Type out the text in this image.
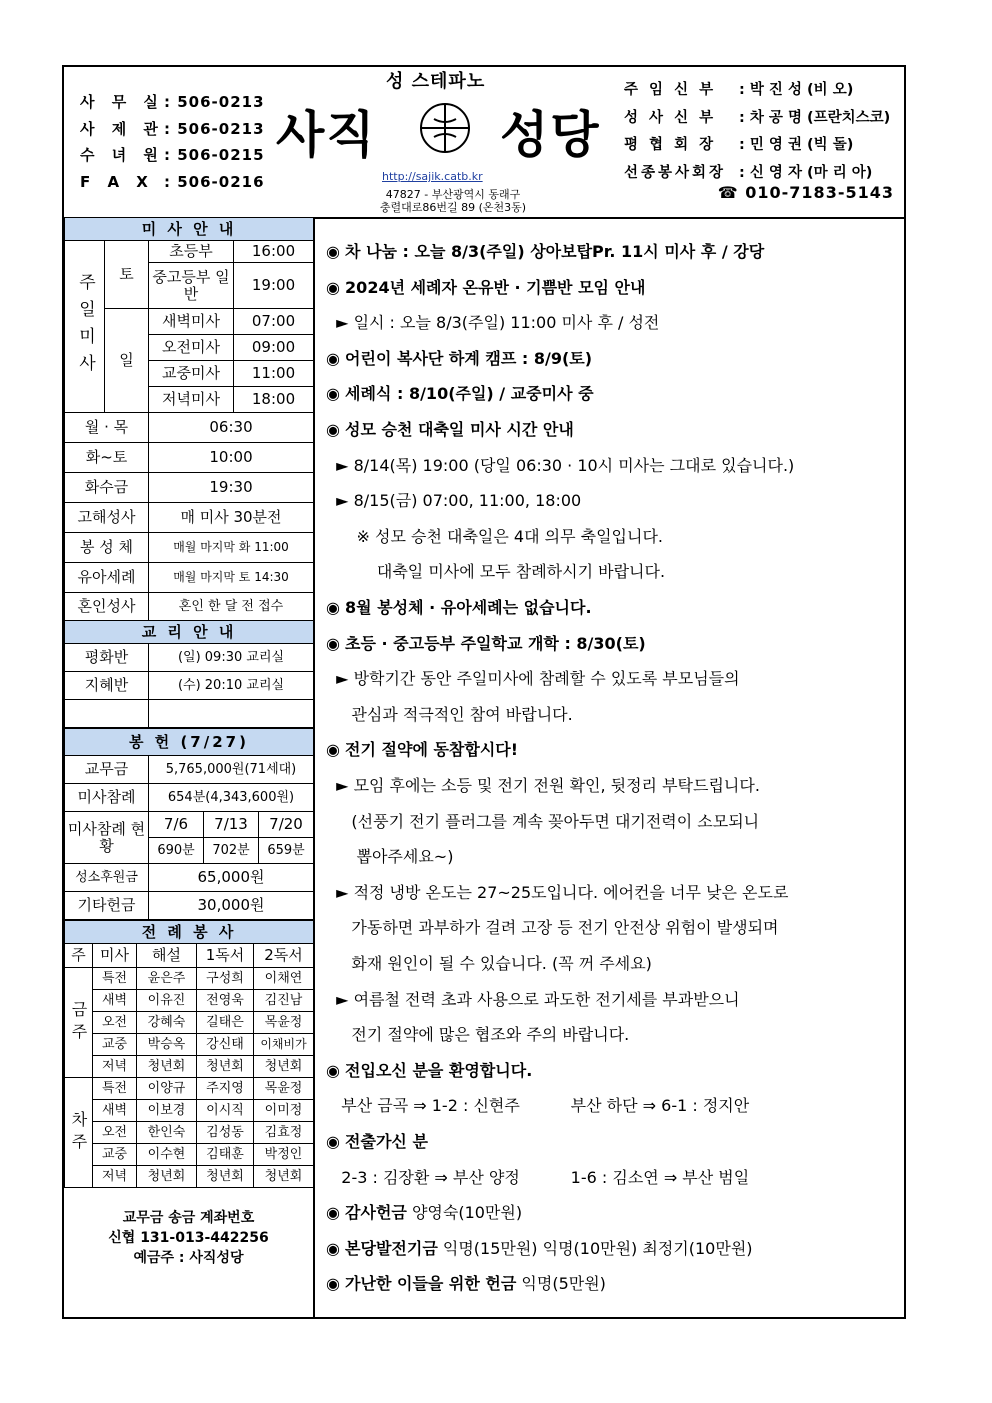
사 무 실: 506-0213
사 제 관: 506-0213
수 녀 원: 506-0215
F A X : 506-0216
성 스테파노
사직 성당
http://sajik.catb.kr
47827 - 부산광역시 동래구
충렬대로86번길 89 (온천3동)
주 임 신 부 : 박 진 성 (비 오)
성 사 신 부 : 차 공 명 (프란치스코)
평 협 회 장 : 민 영 권 (빅 돌)
선종봉사회장 : 신 영 자 (마 리 아)
☎ 010-7183-5143
미 사 안 내			
주일미사	토	초등부	16:00
		중고등부 일반	19:00
	일	새벽미사	07:00
		오전미사	09:00
		교중미사	11:00
		저녁미사	18:00
월 · 목		06:30	
화~토		10:00	
화수금		19:30	
고해성사		매 미사 30분전	
봉 성 체		매월 마지막 화 11:00	
유아세례		매월 마지막 토 14:30	
혼인성사		혼인 한 달 전 접수	
교 리 안 내			
평화반		(일) 09:30 교리실	
지혜반		(수) 20:10 교리실	

봉 헌 (7/27)			
교무금	5,765,000원(71세대)		
미사참례	654분(4,343,600원)		
미사참례 현황	7/6	7/13	7/20
	690분	702분	659분
성소후원금	65,000원		
기타헌금	30,000원		
전 례 봉 사				
주	미사	해설	1독서	2독서
금주	특전	윤은주	구성희	이채연
	새벽	이유진	전영욱	김진남
	오전	강혜숙	길태은	목윤정
	교중	박승옥	강신태	이채비가
	저녁	청년회	청년회	청년회
차주	특전	이양규	주지영	목윤정
	새벽	이보경	이시직	이미정
	오전	한인숙	김성동	김효정
	교중	이수현	김태훈	박정인
	저녁	청년회	청년회	청년회
교무금 송금 계좌번호
신협 131-013-442256
예금주 : 사직성당
◉ 차 나눔 : 오늘 8/3(주일) 상아보탑Pr. 11시 미사 후 / 강당
◉ 2024년 세례자 온유반 · 기쁨반 모임 안내
► 일시 : 오늘 8/3(주일) 11:00 미사 후 / 성전
◉ 어린이 복사단 하계 캠프 : 8/9(토)
◉ 세례식 : 8/10(주일) / 교중미사 중
◉ 성모 승천 대축일 미사 시간 안내
► 8/14(목) 19:00 (당일 06:30 · 10시 미사는 그대로 있습니다.)
► 8/15(금) 07:00, 11:00, 18:00
※ 성모 승천 대축일은 4대 의무 축일입니다.
대축일 미사에 모두 참례하시기 바랍니다.
◉ 8월 봉성체 · 유아세례는 없습니다.
◉ 초등 · 중고등부 주일학교 개학 : 8/30(토)
► 방학기간 동안 주일미사에 참례할 수 있도록 부모님들의
관심과 적극적인 참여 바랍니다.
◉ 전기 절약에 동참합시다!
► 모임 후에는 소등 및 전기 전원 확인, 뒷정리 부탁드립니다.
(선풍기 전기 플러그를 계속 꽂아두면 대기전력이 소모되니
뽑아주세요~)
► 적정 냉방 온도는 27~25도입니다. 에어컨을 너무 낮은 온도로
가동하면 과부하가 걸려 고장 등 전기 안전상 위험이 발생되며
화재 원인이 될 수 있습니다. (꼭 꺼 주세요)
► 여름철 전력 초과 사용으로 과도한 전기세를 부과받으니
전기 절약에 많은 협조와 주의 바랍니다.
◉ 전입오신 분을 환영합니다.
부산 금곡 ⇒ 1-2 : 신현주          부산 하단 ⇒ 6-1 : 정지안
◉ 전출가신 분
2-3 : 김장환 ⇒ 부산 양정          1-6 : 김소연 ⇒ 부산 범일
◉ 감사헌금 양영숙(10만원)
◉ 본당발전기금 익명(15만원) 익명(10만원) 최정기(10만원)
◉ 가난한 이들을 위한 헌금 익명(5만원)
